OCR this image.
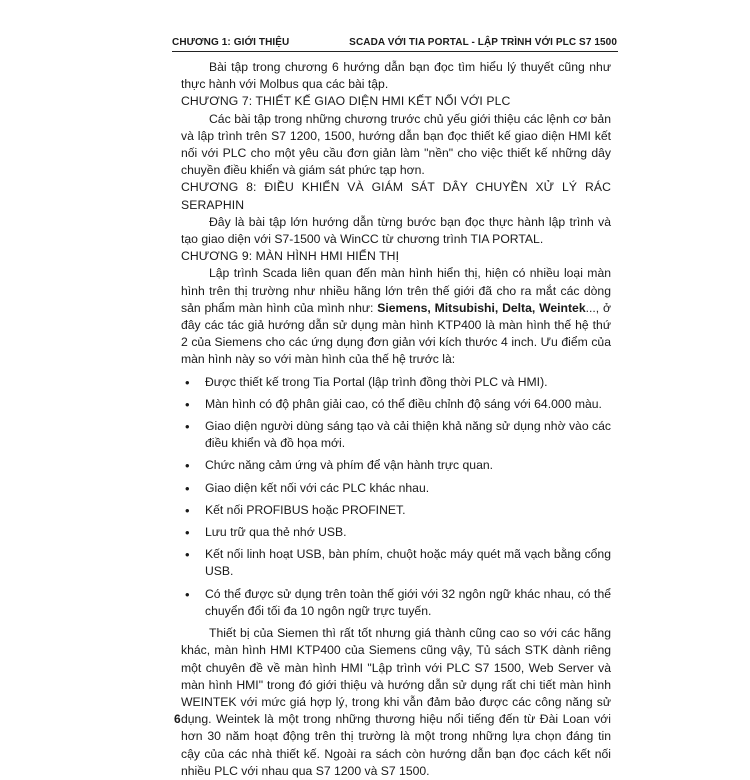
CHƯƠNG 1: GIỚI THIỆU	SCADA VỚI TIA PORTAL - LẬP TRÌNH VỚI PLC S7 1500

Bài tập trong chương 6 hướng dẫn bạn đọc tìm hiểu lý thuyết cũng như thực hành với Molbus qua các bài tập.

CHƯƠNG 7: THIẾT KẾ GIAO DIỆN HMI KẾT NỐI VỚI PLC

Các bài tập trong những chương trước chủ yếu giới thiệu các lệnh cơ bản và lập trình trên S7 1200, 1500, hướng dẫn bạn đọc thiết kế giao diện HMI kết nối với PLC cho một yêu cầu đơn giản làm "nền" cho việc thiết kế những dây chuyền điều khiển và giám sát phức tạp hơn.

CHƯƠNG 8: ĐIỀU KHIỂN VÀ GIÁM SÁT DÂY CHUYỀN XỬ LÝ RÁC SERAPHIN

Đây là bài tập lớn hướng dẫn từng bước bạn đọc thực hành lập trình và tạo giao diện với S7-1500 và WinCC từ chương trình TIA PORTAL.

CHƯƠNG 9: MÀN HÌNH HMI HIỂN THỊ

Lập trình Scada liên quan đến màn hình hiển thị, hiện có nhiều loại màn hình trên thị trường như nhiều hãng lớn trên thế giới đã cho ra mắt các dòng sản phẩm màn hình của mình như: Siemens, Mitsubishi, Delta, Weintek..., ở đây các tác giả hướng dẫn sử dụng màn hình KTP400 là màn hình thế hệ thứ 2 của Siemens cho các ứng dụng đơn giản với kích thước 4 inch. Ưu điểm của màn hình này so với màn hình của thế hệ trước là:

• Được thiết kế trong Tia Portal (lập trình đồng thời PLC và HMI).
• Màn hình có độ phân giải cao, có thể điều chỉnh độ sáng với 64.000 màu.
• Giao diện người dùng sáng tạo và cải thiện khả năng sử dụng nhờ vào các điều khiển và đồ họa mới.
• Chức năng cảm ứng và phím để vận hành trực quan.
• Giao diện kết nối với các PLC khác nhau.
• Kết nối PROFIBUS hoặc PROFINET.
• Lưu trữ qua thẻ nhớ USB.
• Kết nối linh hoạt USB, bàn phím, chuột hoặc máy quét mã vạch bằng cổng USB.
• Có thể được sử dụng trên toàn thế giới với 32 ngôn ngữ khác nhau, có thể chuyển đổi tối đa 10 ngôn ngữ trực tuyến.

Thiết bị của Siemen thì rất tốt nhưng giá thành cũng cao so với các hãng khác, màn hình HMI KTP400 của Siemens cũng vậy, Tủ sách STK dành riêng một chuyên đề về màn hình HMI "Lập trình với PLC S7 1500, Web Server và màn hình HMI" trong đó giới thiệu và hướng dẫn sử dụng rất chi tiết màn hình WEINTEK với mức giá hợp lý, trong khi vẫn đảm bảo được các công năng sử dụng. Weintek là một trong những thương hiệu nổi tiếng đến từ Đài Loan với hơn 30 năm hoạt động trên thị trường là một trong những lựa chọn đáng tin cậy của các nhà thiết kế. Ngoài ra sách còn hướng dẫn bạn đọc cách kết nối nhiều PLC với nhau qua S7 1200 và S7 1500.

6
